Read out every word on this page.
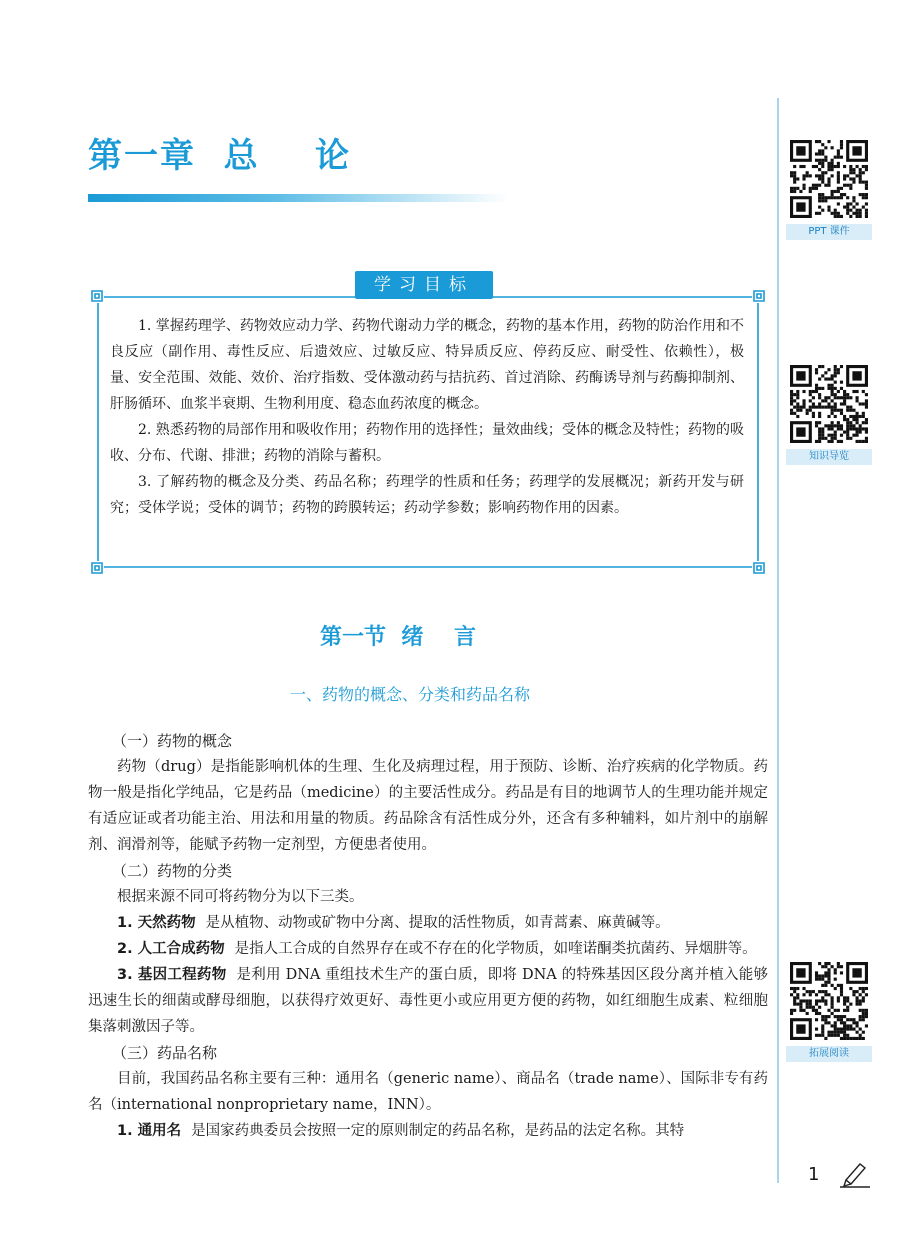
第一章  总    论
PPT 课件
知识导览
拓展阅读
学习目标

1. 掌握药理学、药物效应动力学、药物代谢动力学的概念，药物的基本作用，药物的防治作用和不良反应（副作用、毒性反应、后遗效应、过敏反应、特异质反应、停药反应、耐受性、依赖性），极量、安全范围、效能、效价、治疗指数、受体激动药与拮抗药、首过消除、药酶诱导剂与药酶抑制剂、肝肠循环、血浆半衰期、生物利用度、稳态血药浓度的概念。

2. 熟悉药物的局部作用和吸收作用；药物作用的选择性；量效曲线；受体的概念及特性；药物的吸收、分布、代谢、排泄；药物的消除与蓄积。

3. 了解药物的概念及分类、药品名称；药理学的性质和任务；药理学的发展概况；新药开发与研究；受体学说；受体的调节；药物的跨膜转运；药动学参数；影响药物作用的因素。

第一节  绪    言
一、药物的概念、分类和药品名称

（一）药物的概念

药物（drug）是指能影响机体的生理、生化及病理过程，用于预防、诊断、治疗疾病的化学物质。药物一般是指化学纯品，它是药品（medicine）的主要活性成分。药品是有目的地调节人的生理功能并规定有适应证或者功能主治、用法和用量的物质。药品除含有活性成分外，还含有多种辅料，如片剂中的崩解剂、润滑剂等，能赋予药物一定剂型，方便患者使用。

（二）药物的分类

根据来源不同可将药物分为以下三类。

1. 天然药物 是从植物、动物或矿物中分离、提取的活性物质，如青蒿素、麻黄碱等。

2. 人工合成药物 是指人工合成的自然界存在或不存在的化学物质，如喹诺酮类抗菌药、异烟肼等。

3. 基因工程药物 是利用 DNA 重组技术生产的蛋白质，即将 DNA 的特殊基因区段分离并植入能够迅速生长的细菌或酵母细胞，以获得疗效更好、毒性更小或应用更方便的药物，如红细胞生成素、粒细胞集落刺激因子等。

（三）药品名称

目前，我国药品名称主要有三种：通用名（generic name）、商品名（trade name）、国际非专有药名（international nonproprietary name，INN）。

1. 通用名 是国家药典委员会按照一定的原则制定的药品名称，是药品的法定名称。其特

1
